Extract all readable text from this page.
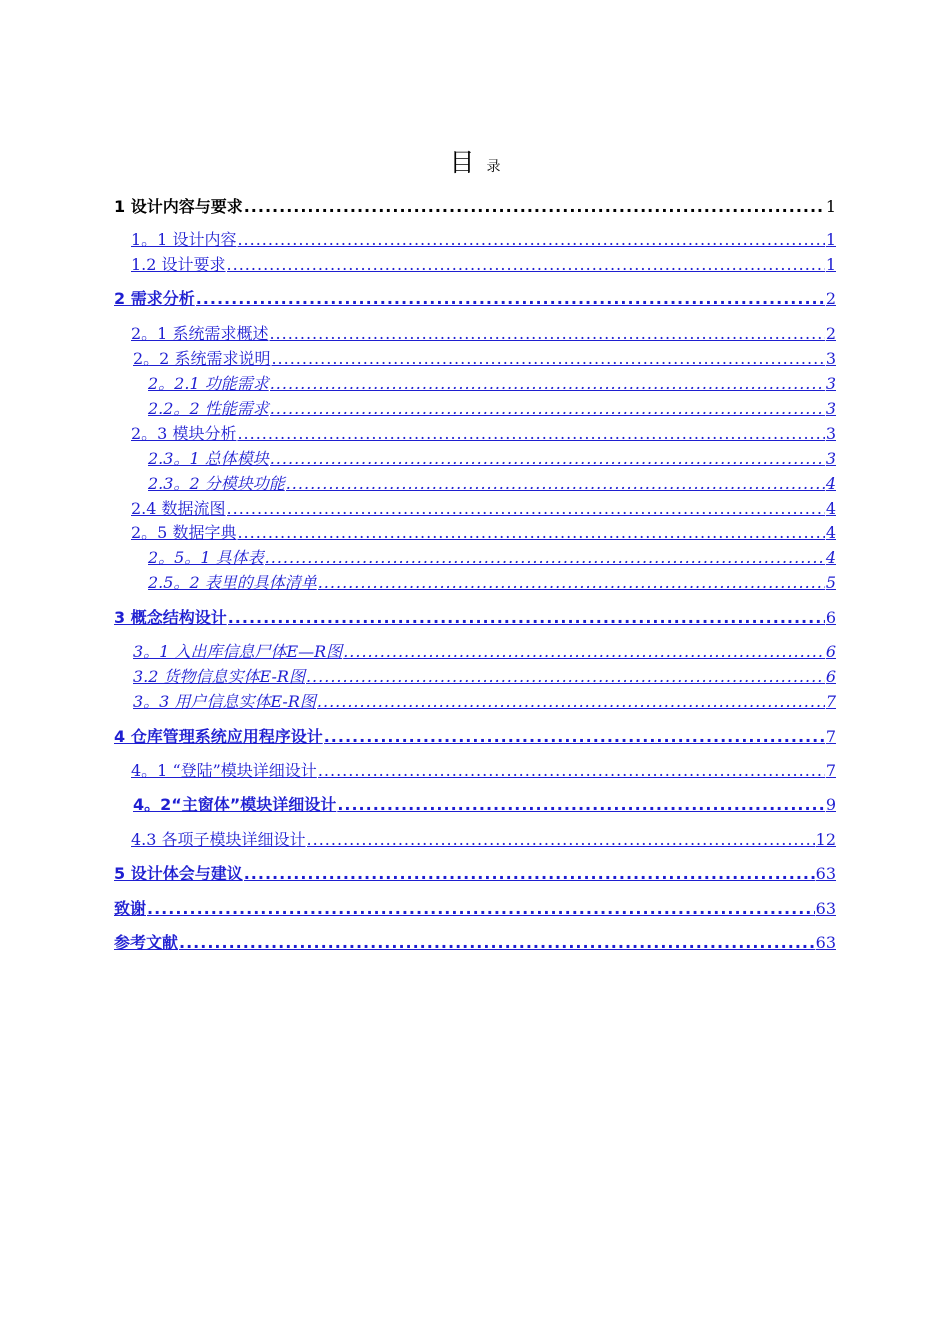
目录
1 设计内容与要求 .....	1
1。1 设计内容 .....	1
1.2 设计要求 .....	1
2 需求分析 .....	2
2。1 系统需求概述 .....	2
2。2 系统需求说明 .....	3
2。2.1 功能需求 .....	3
2.2。2 性能需求 .....	3
2。3 模块分析 .....	3
2.3。1 总体模块 .....	3
2.3。2 分模块功能 .....	4
2.4 数据流图 .....	4
2。5 数据字典 .....	4
2。5。1 具体表 .....	4
2.5。2 表里的具体清单 .....	5
3 概念结构设计 .....	6
3。1 入出库信息尸体E—R图 .....	6
3.2 货物信息实体E-R图 .....	6
3。3 用户信息实体E-R图 .....	7
4 仓库管理系统应用程序设计 .....	7
4。1 “登陆”模块详细设计 .....	7
4。2“主窗体”模块详细设计 .....	9
4.3 各项子模块详细设计 .....	12
5 设计体会与建议 .....	63
致谢 .....	63
参考文献 .....	63
